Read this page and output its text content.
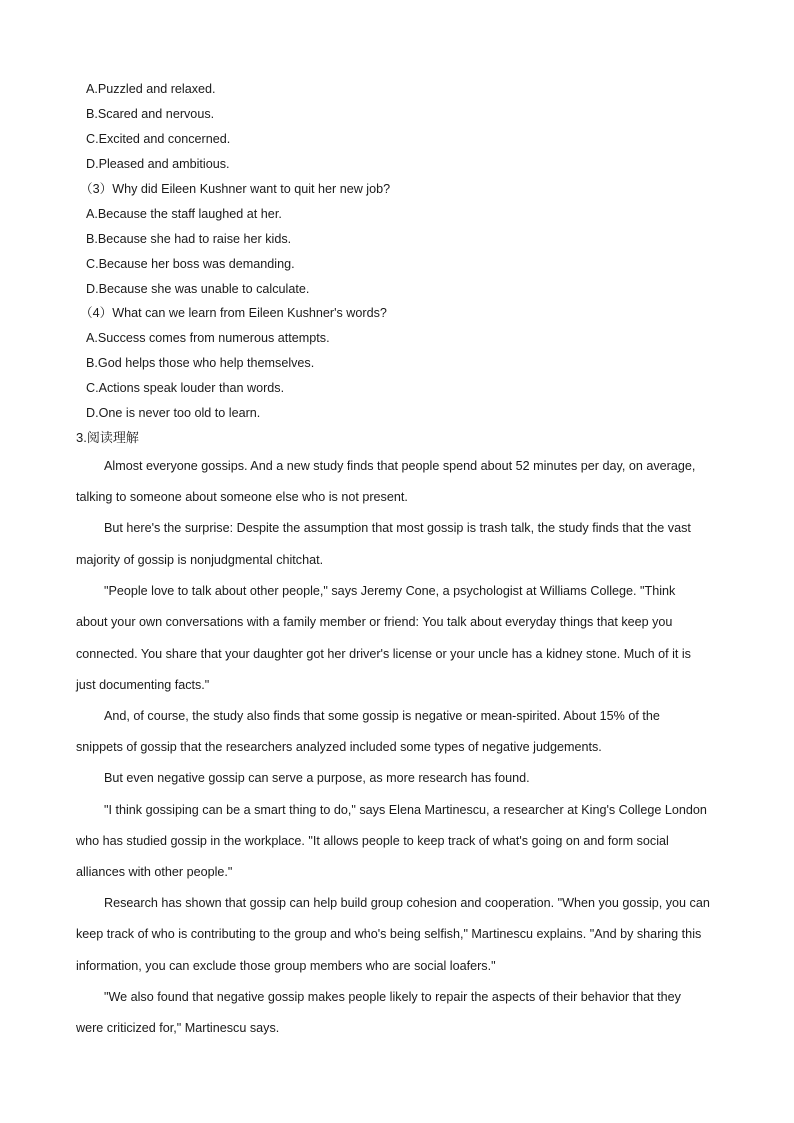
A.Puzzled and relaxed.
B.Scared and nervous.
C.Excited and concerned.
D.Pleased and ambitious.
（3）Why did Eileen Kushner want to quit her new job?
A.Because the staff laughed at her.
B.Because she had to raise her kids.
C.Because her boss was demanding.
D.Because she was unable to calculate.
（4）What can we learn from Eileen Kushner's words?
A.Success comes from numerous attempts.
B.God helps those who help themselves.
C.Actions speak louder than words.
D.One is never too old to learn.
3.阅读理解
Almost everyone gossips. And a new study finds that people spend about 52 minutes per day, on average,
talking to someone about someone else who is not present.
But here's the surprise: Despite the assumption that most gossip is trash talk, the study finds that the vast
majority of gossip is nonjudgmental chitchat.
"People love to talk about other people," says Jeremy Cone, a psychologist at Williams College. "Think
about your own conversations with a family member or friend: You talk about everyday things that keep you
connected. You share that your daughter got her driver's license or your uncle has a kidney stone. Much of it is
just documenting facts."
And, of course, the study also finds that some gossip is negative or mean-spirited. About 15% of the
snippets of gossip that the researchers analyzed included some types of negative judgements.
But even negative gossip can serve a purpose, as more research has found.
"I think gossiping can be a smart thing to do," says Elena Martinescu, a researcher at King's College London
who has studied gossip in the workplace. "It allows people to keep track of what's going on and form social
alliances with other people."
Research has shown that gossip can help build group cohesion and cooperation. "When you gossip, you can
keep track of who is contributing to the group and who's being selfish," Martinescu explains. "And by sharing this
information, you can exclude those group members who are social loafers."
"We also found that negative gossip makes people likely to repair the aspects of their behavior that they
were criticized for," Martinescu says.
